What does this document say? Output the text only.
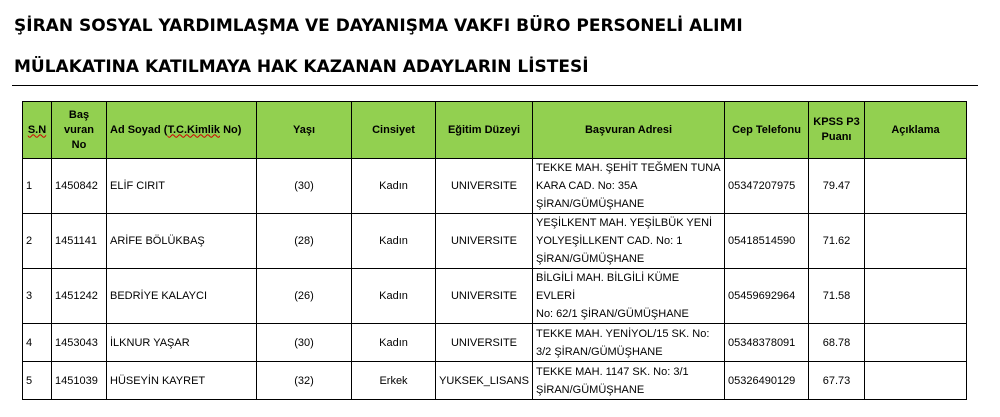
ŞİRAN SOSYAL YARDIMLAŞMA VE DAYANIŞMA VAKFI BÜRO PERSONELİ ALIMI
MÜLAKATINA KATILMAYA HAK KAZANAN ADAYLARIN LİSTESİ
S.N	Baş
vuran
No	Ad Soyad (T.C.Kimlik No)	Yaşı	Cinsiyet	Eğitim Düzeyi	Başvuran Adresi	Cep Telefonu	KPSS P3
Puanı	Açıklama
1	1450842	ELİF CIRIT	(30)	Kadın	UNIVERSITE	TEKKE MAH. ŞEHİT TEĞMEN TUNA
KARA CAD. No: 35A
ŞİRAN/GÜMÜŞHANE	05347207975	79.47	
2	1451141	ARİFE BÖLÜKBAŞ	(28)	Kadın	UNIVERSITE	YEŞİLKENT MAH. YEŞİLBÜK YENİ
YOLYEŞİLLKENT CAD. No: 1
ŞİRAN/GÜMÜŞHANE	05418514590	71.62	
3	1451242	BEDRİYE KALAYCI	(26)	Kadın	UNIVERSITE	BİLGİLİ MAH. BİLGİLİ KÜME EVLERİ
No: 62/1 ŞİRAN/GÜMÜŞHANE	05459692964	71.58	
4	1453043	İLKNUR YAŞAR	(30)	Kadın	UNIVERSITE	TEKKE MAH. YENİYOL/15 SK. No:
3/2 ŞİRAN/GÜMÜŞHANE	05348378091	68.78	
5	1451039	HÜSEYİN KAYRET	(32)	Erkek	YUKSEK_LISANS	TEKKE MAH. 1147 SK. No: 3/1
ŞİRAN/GÜMÜŞHANE	05326490129	67.73	
